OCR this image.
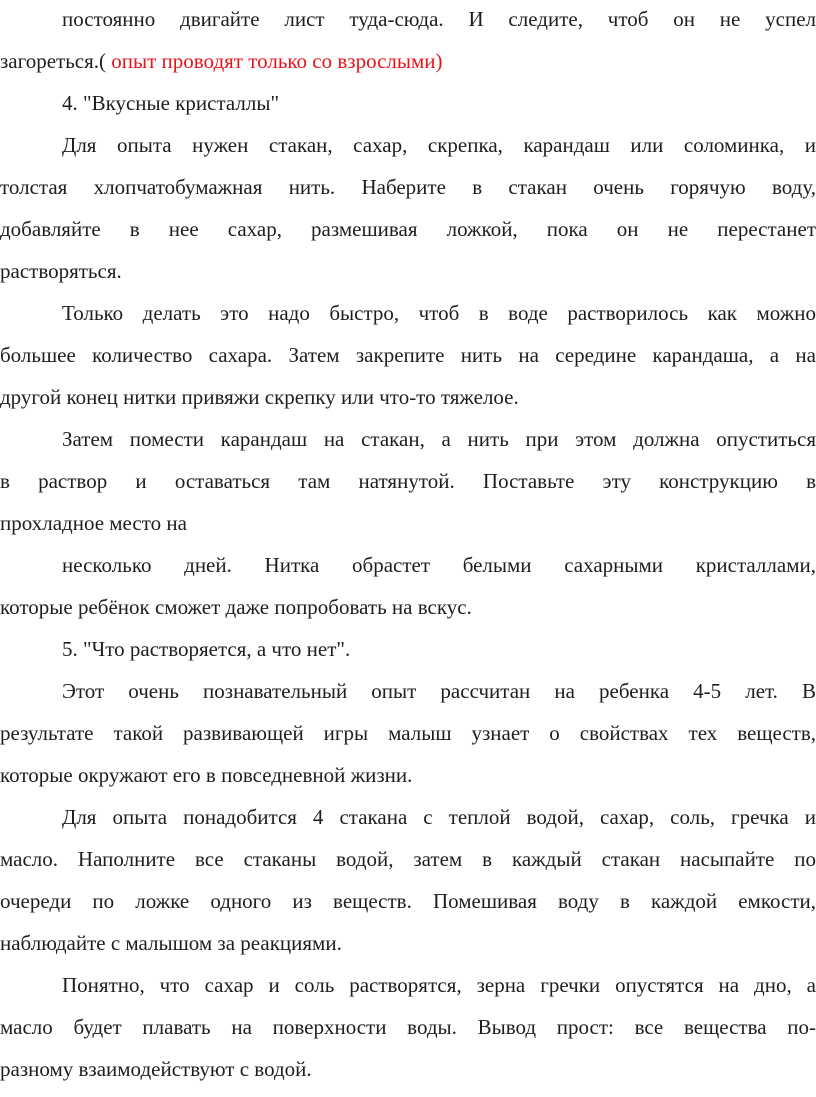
постоянно двигайте лист туда-сюда. И следите, чтоб он не успел

загореться.( опыт проводят только со взрослыми)

4. "Вкусные кристаллы"

Для опыта нужен стакан, сахар, скрепка, карандаш или соломинка, и

толстая хлопчатобумажная нить. Наберите в стакан очень горячую воду,

добавляйте в нее сахар, размешивая ложкой, пока он не перестанет

растворяться.

Только делать это надо быстро, чтоб в воде растворилось как можно

большее количество сахара. Затем закрепите нить на середине карандаша, а на

другой конец нитки привяжи скрепку или что-то тяжелое.

Затем помести карандаш на стакан, а нить при этом должна опуститься

в раствор и оставаться там натянутой. Поставьте эту конструкцию в

прохладное место на

несколько дней. Нитка обрастет белыми сахарными кристаллами,

которые ребёнок сможет даже попробовать на вскус.

5. "Что растворяется, а что нет".

Этот очень познавательный опыт рассчитан на ребенка 4-5 лет. В

результате такой развивающей игры малыш узнает о свойствах тех веществ,

которые окружают его в повседневной жизни.

Для опыта понадобится 4 стакана с теплой водой, сахар, соль, гречка и

масло. Наполните все стаканы водой, затем в каждый стакан насыпайте по

очереди по ложке одного из веществ. Помешивая воду в каждой емкости,

наблюдайте с малышом за реакциями.

Понятно, что сахар и соль растворятся, зерна гречки опустятся на дно, а

масло будет плавать на поверхности воды. Вывод прост: все вещества по-

разному взаимодействуют с водой.
